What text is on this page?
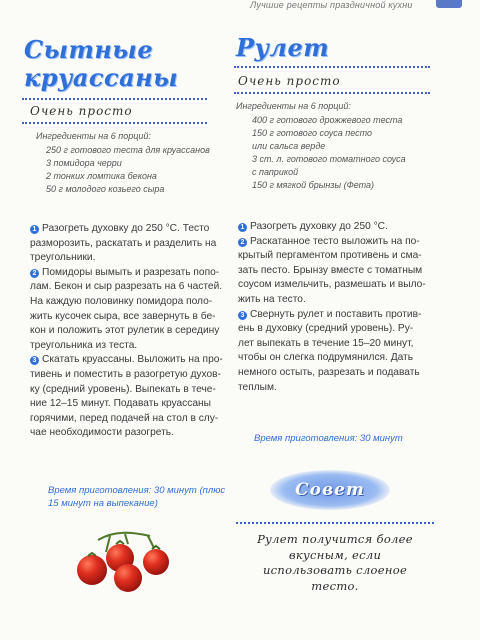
Лучшие рецепты праздничной кухни
Сытные
круассаны
Очень просто
Ингредиенты на 6 порций:
250 г готового теста для круассанов
3 помидора черри
2 тонких ломтика бекона
50 г молодого козьего сыра
1 Разогреть духовку до 250 °С. Тесто
разморозить, раскатать и разделить на
треугольники.
2 Помидоры вымыть и разрезать попо-
лам. Бекон и сыр разрезать на 6 частей.
На каждую половинку помидора поло-
жить кусочек сыра, все завернуть в бе-
кон и положить этот рулетик в середину
треугольника из теста.
3 Скатать круассаны. Выложить на про-
тивень и поместить в разогретую духов-
ку (средний уровень). Выпекать в тече-
ние 12–15 минут. Подавать круассаны
горячими, перед подачей на стол в слу-
чае необходимости разогреть.
Время приготовления: 30 минут (плюс
15 минут на выпекание)
Рулет
Очень просто
Ингредиенты на 6 порций:
400 г готового дрожжевого теста
150 г готового соуса песто
или сальса верде
3 ст. л. готового томатного соуса
с паприкой
150 г мягкой брынзы (Фета)
1 Разогреть духовку до 250 °С.
2 Раскатанное тесто выложить на по-
крытый пергаментом противень и сма-
зать песто. Брынзу вместе с томатным
соусом измельчить, размешать и выло-
жить на тесто.
3 Свернуть рулет и поставить против-
ень в духовку (средний уровень). Ру-
лет выпекать в течение 15–20 минут,
чтобы он слегка подрумянился. Дать
немного остыть, разрезать и подавать
теплым.
Время приготовления: 30 минут
Совет
Рулет получится более
вкусным, если
использовать слоеное
тесто.
